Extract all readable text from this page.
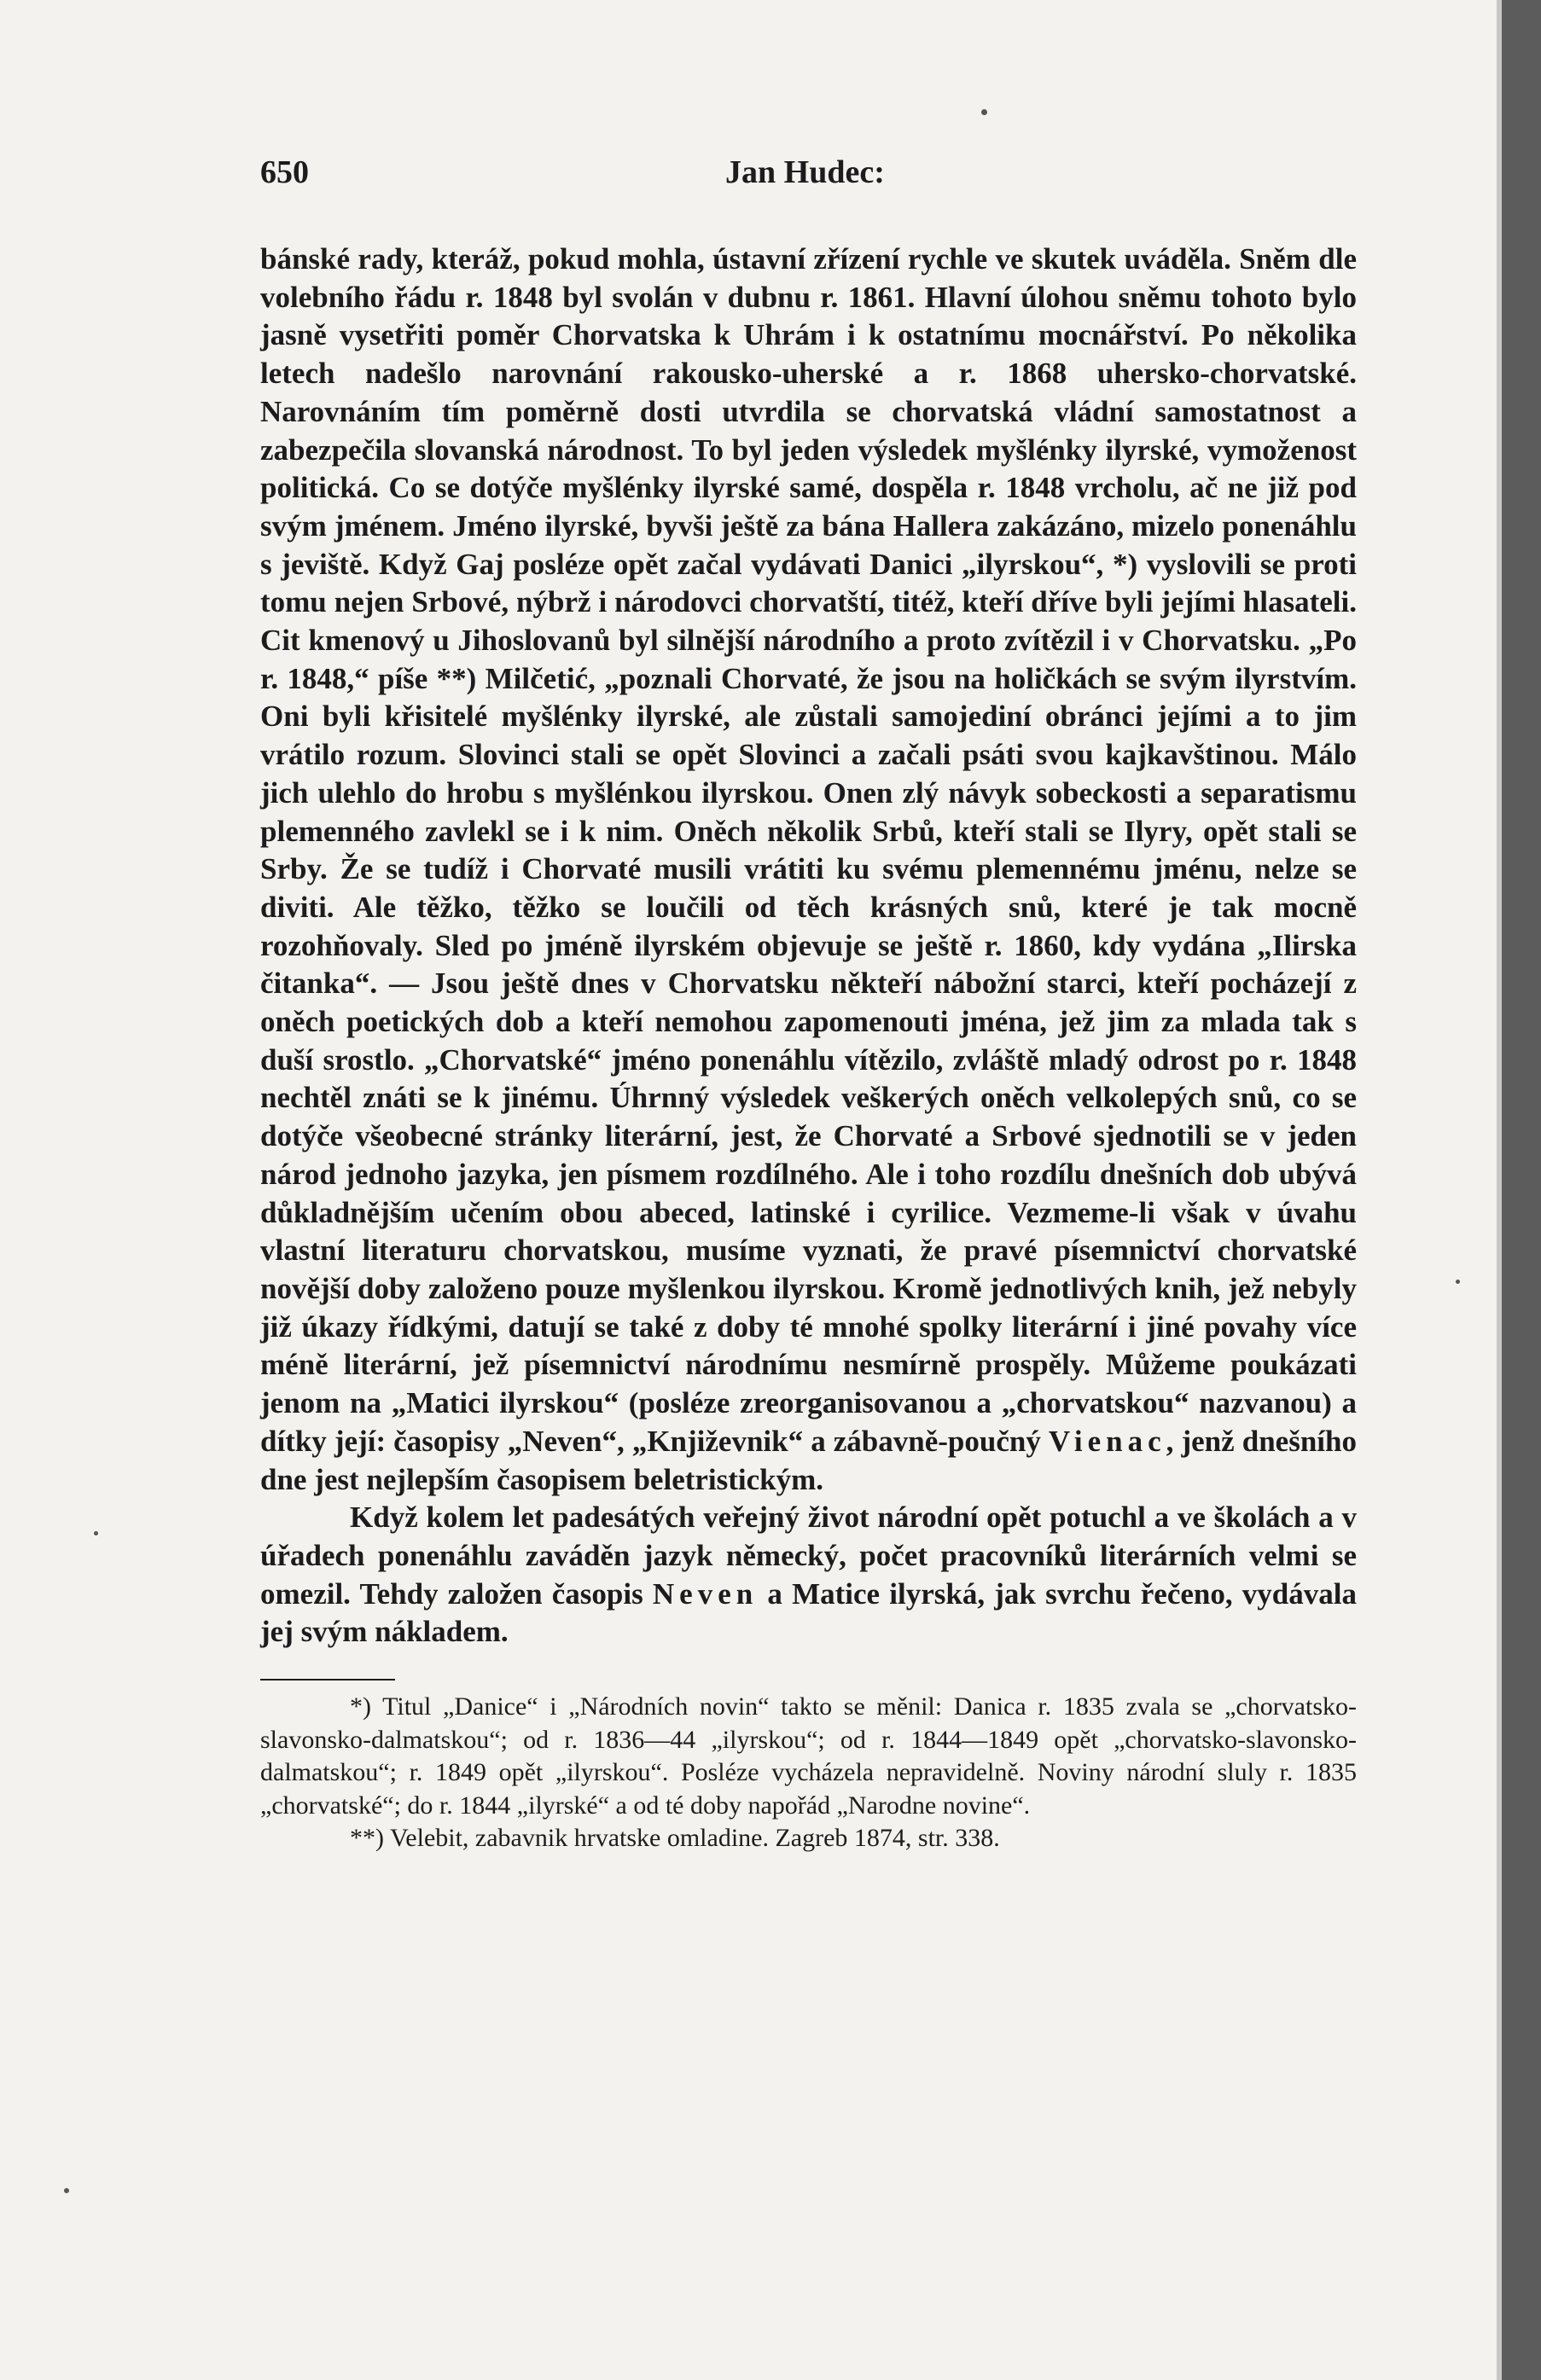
650	Jan Hudec:

bánské rady, kteráž, pokud mohla, ústavní zřízení rychle ve skutek uváděla. Sněm dle volebního řádu r. 1848 byl svolán v dubnu r. 1861. Hlavní úlohou sněmu tohoto bylo jasně vysetřiti poměr Chorvatska k Uhrám i k ostatnímu mocnářství. Po několika letech nadešlo narovnání rakousko-uherské a r. 1868 uhersko-chorvatské. Narovnáním tím poměrně dosti utvrdila se chorvatská vládní samostatnost a zabezpečila slovanská národnost. To byl jeden výsledek myšlénky ilyrské, vymoženost politická. Co se dotýče myšlénky ilyrské samé, dospěla r. 1848 vrcholu, ač ne již pod svým jménem. Jméno ilyrské, byvši ještě za bána Hallera zakázáno, mizelo ponenáhlu s jeviště. Když Gaj posléze opět začal vydávati Danici „ilyrskou“, *) vyslovili se proti tomu nejen Srbové, nýbrž i národovci chorvatští, titéž, kteří dříve byli jejími hlasateli. Cit kmenový u Jihoslovanů byl silnější národního a proto zvítězil i v Chorvatsku. „Po r. 1848,“ píše **) Milčetić, „poznali Chorvaté, že jsou na holičkách se svým ilyrstvím. Oni byli křisitelé myšlénky ilyrské, ale zůstali samojediní obránci jejími a to jim vrátilo rozum. Slovinci stali se opět Slovinci a začali psáti svou kajkavštinou. Málo jich ulehlo do hrobu s myšlénkou ilyrskou. Onen zlý návyk sobeckosti a separatismu plemenného zavlekl se i k nim. Oněch několik Srbů, kteří stali se Ilyry, opět stali se Srby. Že se tudíž i Chorvaté musili vrátiti ku svému plemennému jménu, nelze se diviti. Ale těžko, těžko se loučili od těch krásných snů, které je tak mocně rozohňovaly. Sled po jméně ilyrském objevuje se ještě r. 1860, kdy vydána „Ilirska čitanka“. — Jsou ještě dnes v Chorvatsku někteří nábožní starci, kteří pocházejí z oněch poetických dob a kteří nemohou zapomenouti jména, jež jim za mlada tak s duší srostlo. „Chorvatské“ jméno ponenáhlu vítězilo, zvláště mladý odrost po r. 1848 nechtěl znáti se k jinému. Úhrnný výsledek veškerých oněch velkolepých snů, co se dotýče všeobecné stránky literární, jest, že Chorvaté a Srbové sjednotili se v jeden národ jednoho jazyka, jen písmem rozdílného. Ale i toho rozdílu dnešních dob ubývá důkladnějším učením obou abeced, latinské i cyrilice. Vezmeme-li však v úvahu vlastní literaturu chorvatskou, musíme vyznati, že pravé písemnictví chorvatské novější doby založeno pouze myšlenkou ilyrskou. Kromě jednotlivých knih, jež nebyly již úkazy řídkými, datují se také z doby té mnohé spolky literární i jiné povahy více méně literární, jež písemnictví národnímu nesmírně prospěly. Můžeme poukázati jenom na „Matici ilyrskou“ (posléze zreorganisovanou a „chorvatskou“ nazvanou) a dítky její: časopisy „Neven“, „Književnik“ a zábavně-poučný Vienac, jenž dnešního dne jest nejlepším časopisem beletristickým.

Když kolem let padesátých veřejný život národní opět potuchl a ve školách a v úřadech ponenáhlu zaváděn jazyk německý, počet pracovníků literárních velmi se omezil. Tehdy založen časopis Neven a Matice ilyrská, jak svrchu řečeno, vydávala jej svým nákladem.

*) Titul „Danice“ i „Národních novin“ takto se měnil: Danica r. 1835 zvala se „chorvatsko-slavonsko-dalmatskou“; od r. 1836—44 „ilyrskou“; od r. 1844—1849 opět „chorvatsko-slavonsko-dalmatskou“; r. 1849 opět „ilyrskou“. Posléze vycházela nepravidelně. Noviny národní sluly r. 1835 „chorvatské“; do r. 1844 „ilyrské“ a od té doby napořád „Narodne novine“.

**) Velebit, zabavnik hrvatske omladine. Zagreb 1874, str. 338.
